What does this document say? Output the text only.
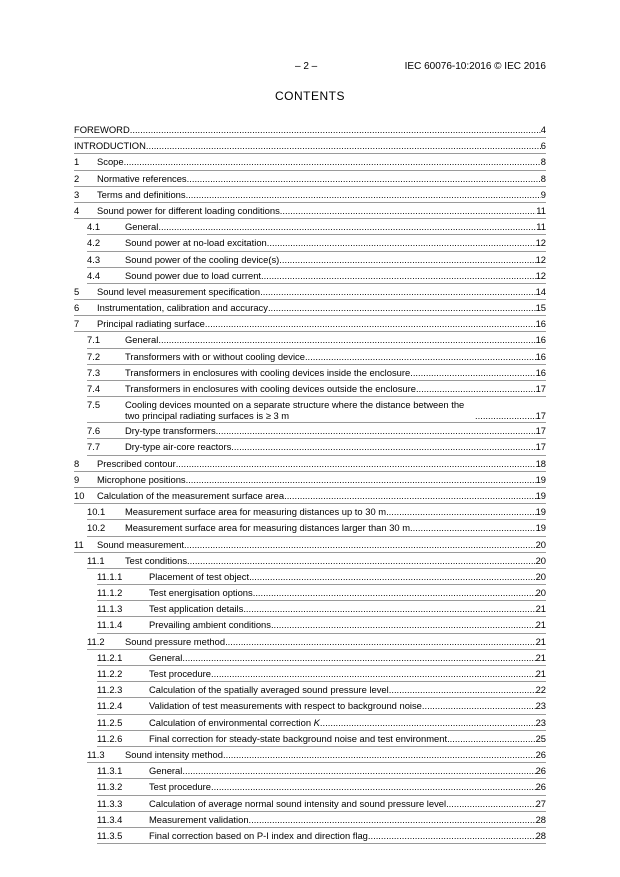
– 2 –	IEC 60076-10:2016 © IEC 2016
CONTENTS
FOREWORD .....	4
INTRODUCTION .....	6
1	Scope .....	8
2	Normative references .....	8
3	Terms and definitions .....	9
4	Sound power for different loading conditions .....	11
4.1	General .....	11
4.2	Sound power at no-load excitation .....	12
4.3	Sound power of the cooling device(s) .....	12
4.4	Sound power due to load current .....	12
5	Sound level measurement specification .....	14
6	Instrumentation, calibration and accuracy .....	15
7	Principal radiating surface .....	16
7.1	General .....	16
7.2	Transformers with or without cooling device .....	16
7.3	Transformers in enclosures with cooling devices inside the enclosure .....	16
7.4	Transformers in enclosures with cooling devices outside the enclosure .....	17
7.5	Cooling devices mounted on a separate structure where the distance between the two principal radiating surfaces is ≥ 3 m .....	17
7.6	Dry-type transformers .....	17
7.7	Dry-type air-core reactors .....	17
8	Prescribed contour .....	18
9	Microphone positions .....	19
10	Calculation of the measurement surface area .....	19
10.1	Measurement surface area for measuring distances up to 30 m .....	19
10.2	Measurement surface area for measuring distances larger than 30 m .....	19
11	Sound measurement .....	20
11.1	Test conditions .....	20
11.1.1	Placement of test object .....	20
11.1.2	Test energisation options .....	20
11.1.3	Test application details .....	21
11.1.4	Prevailing ambient conditions .....	21
11.2	Sound pressure method .....	21
11.2.1	General .....	21
11.2.2	Test procedure .....	21
11.2.3	Calculation of the spatially averaged sound pressure level .....	22
11.2.4	Validation of test measurements with respect to background noise .....	23
11.2.5	Calculation of environmental correction K .....	23
11.2.6	Final correction for steady-state background noise and test environment .....	25
11.3	Sound intensity method .....	26
11.3.1	General .....	26
11.3.2	Test procedure .....	26
11.3.3	Calculation of average normal sound intensity and sound pressure level .....	27
11.3.4	Measurement validation .....	28
11.3.5	Final correction based on P-I index and direction flag .....	28
